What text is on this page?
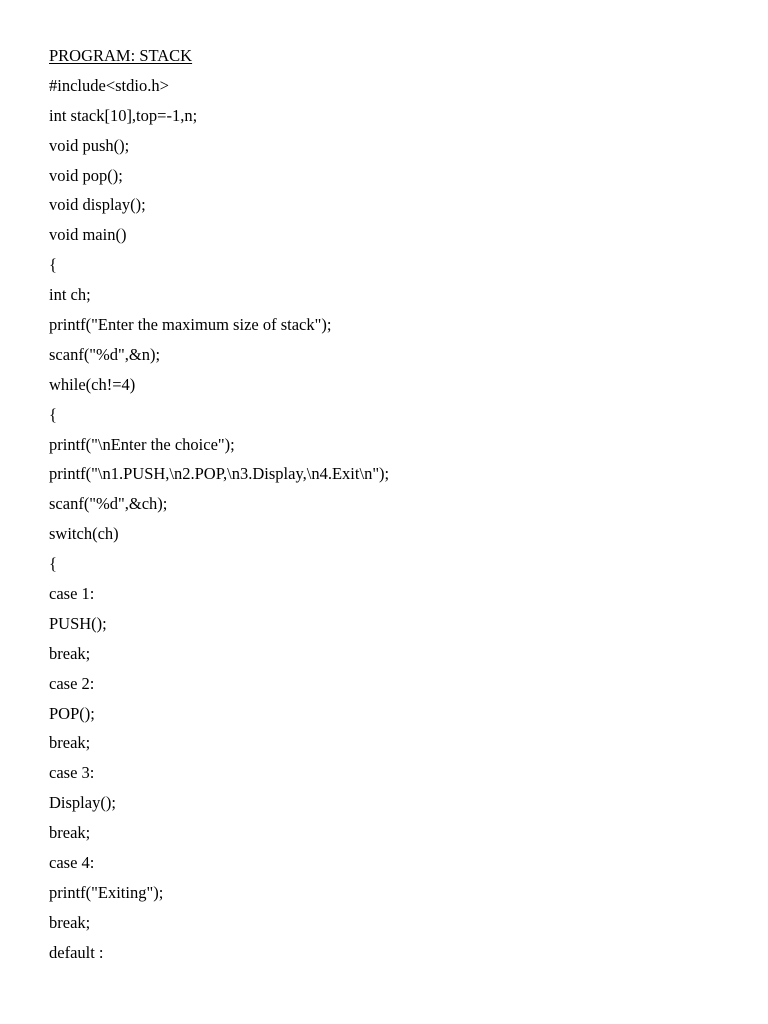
PROGRAM: STACK
#include<stdio.h>
int stack[10],top=-1,n;
void push();
void pop();
void display();
void main()
{
int ch;
printf("Enter the maximum size of stack");
scanf("%d",&n);
while(ch!=4)
{
printf("\nEnter the choice");
printf("\n1.PUSH,\n2.POP,\n3.Display,\n4.Exit\n");
scanf("%d",&ch);
switch(ch)
{
case 1:
PUSH();
break;
case 2:
POP();
break;
case 3:
Display();
break;
case 4:
printf("Exiting");
break;
default :
